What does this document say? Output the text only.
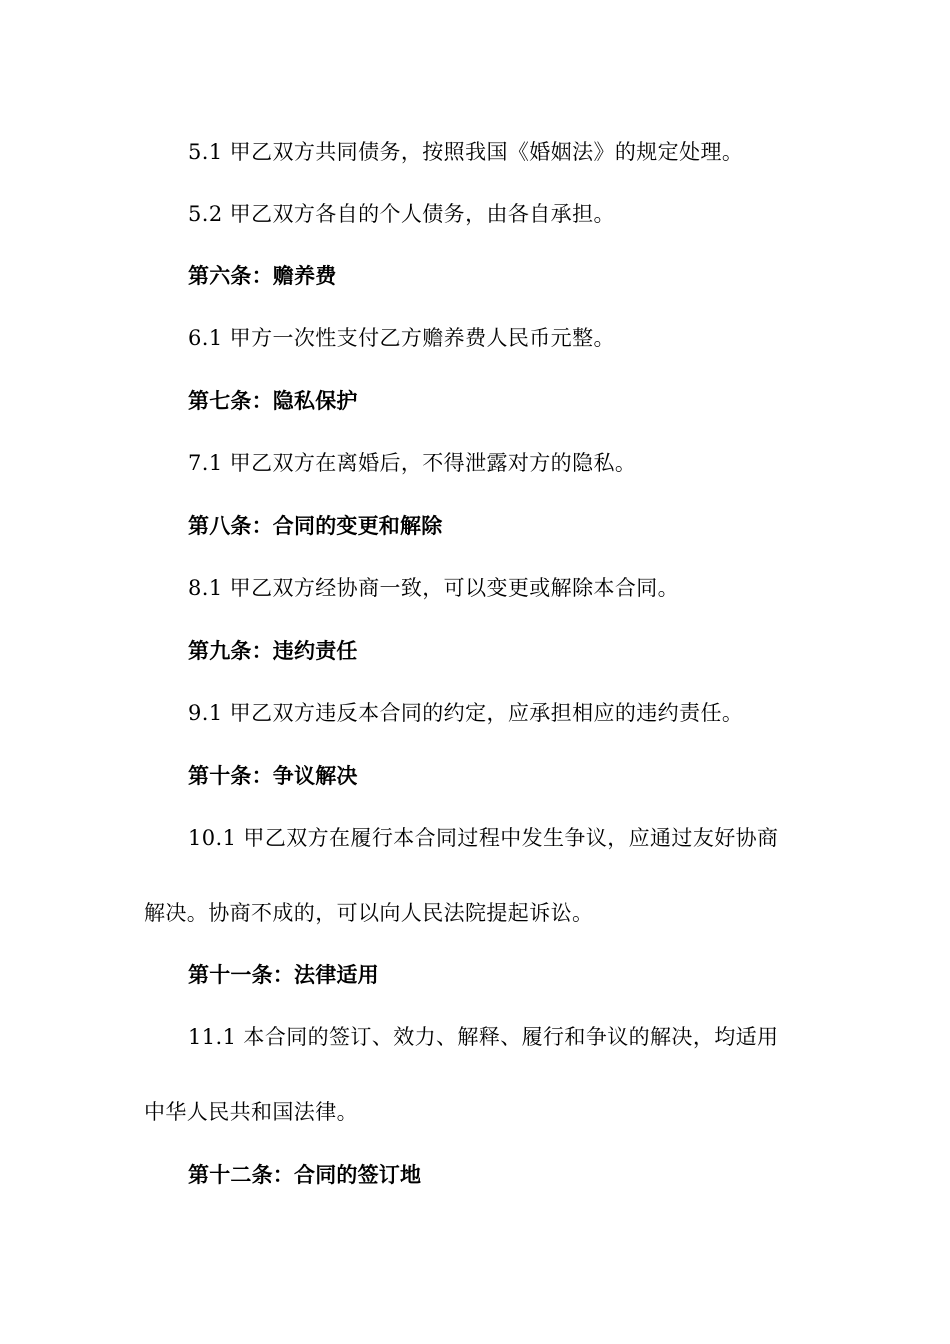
5.1 甲乙双方共同债务，按照我国《婚姻法》的规定处理。
5.2 甲乙双方各自的个人债务，由各自承担。
第六条：赡养费
6.1 甲方一次性支付乙方赡养费人民币元整。
第七条：隐私保护
7.1 甲乙双方在离婚后，不得泄露对方的隐私。
第八条：合同的变更和解除
8.1 甲乙双方经协商一致，可以变更或解除本合同。
第九条：违约责任
9.1 甲乙双方违反本合同的约定，应承担相应的违约责任。
第十条：争议解决
10.1 甲乙双方在履行本合同过程中发生争议，应通过友好协商
解决。协商不成的，可以向人民法院提起诉讼。
第十一条：法律适用
11.1 本合同的签订、效力、解释、履行和争议的解决，均适用
中华人民共和国法律。
第十二条：合同的签订地
